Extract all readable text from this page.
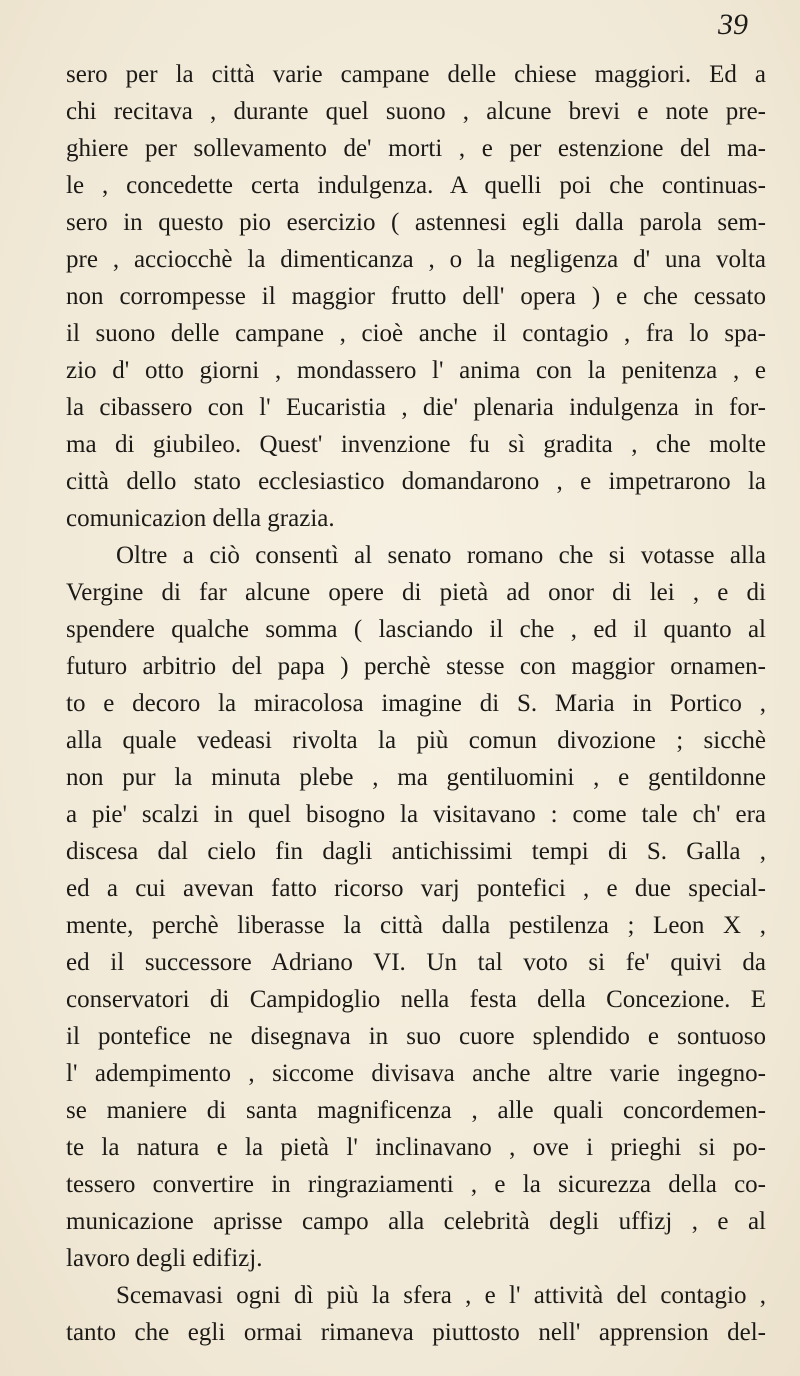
39
sero per la città varie campane delle chiese maggiori. Ed a
chi recitava , durante quel suono , alcune brevi e note pre-
ghiere per sollevamento de' morti , e per estenzione del ma-
le , concedette certa indulgenza. A quelli poi che continuas-
sero in questo pio esercizio ( astennesi egli dalla parola sem-
pre , acciocchè la dimenticanza , o la negligenza d' una volta
non corrompesse il maggior frutto dell' opera ) e che cessato
il suono delle campane , cioè anche il contagio , fra lo spa-
zio d' otto giorni , mondassero l' anima con la penitenza , e
la cibassero con l' Eucaristia , die' plenaria indulgenza in for-
ma di giubileo. Quest' invenzione fu sì gradita , che molte
città dello stato ecclesiastico domandarono , e impetrarono la
comunicazion della grazia.
Oltre a ciò consentì al senato romano che si votasse alla
Vergine di far alcune opere di pietà ad onor di lei , e di
spendere qualche somma ( lasciando il che , ed il quanto al
futuro arbitrio del papa ) perchè stesse con maggior ornamen-
to e decoro la miracolosa imagine di S. Maria in Portico ,
alla quale vedeasi rivolta la più comun divozione ; sicchè
non pur la minuta plebe , ma gentiluomini , e gentildonne
a pie' scalzi in quel bisogno la visitavano : come tale ch' era
discesa dal cielo fin dagli antichissimi tempi di S. Galla ,
ed a cui avevan fatto ricorso varj pontefici , e due special-
mente, perchè liberasse la città dalla pestilenza ; Leon X ,
ed il successore Adriano VI. Un tal voto si fe' quivi da
conservatori di Campidoglio nella festa della Concezione. E
il pontefice ne disegnava in suo cuore splendido e sontuoso
l' adempimento , siccome divisava anche altre varie ingegno-
se maniere di santa magnificenza , alle quali concordemen-
te la natura e la pietà l' inclinavano , ove i prieghi si po-
tessero convertire in ringraziamenti , e la sicurezza della co-
municazione aprisse campo alla celebrità degli uffizj , e al
lavoro degli edifizj.
Scemavasi ogni dì più la sfera , e l' attività del contagio ,
tanto che egli ormai rimaneva piuttosto nell' apprension del-
